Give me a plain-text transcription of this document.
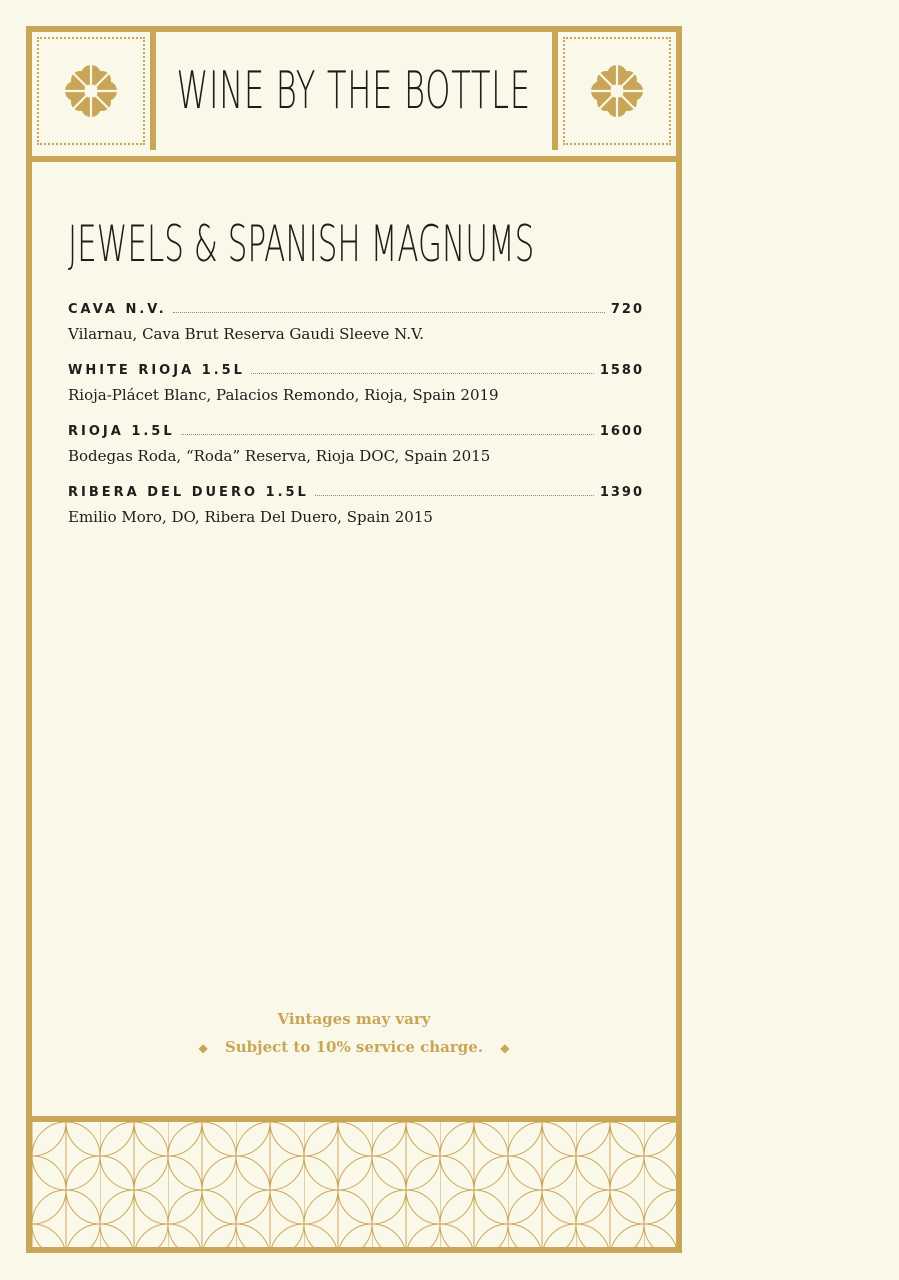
WINE BY THE BOTTLE
JEWELS & SPANISH MAGNUMS
CAVA N.V.	720
Vilarnau, Cava Brut Reserva Gaudi Sleeve N.V.
WHITE RIOJA 1.5L	1580
Rioja-Plácet Blanc, Palacios Remondo, Rioja, Spain 2019
RIOJA 1.5L	1600
Bodegas Roda, “Roda” Reserva, Rioja DOC, Spain 2015
RIBERA DEL DUERO 1.5L	1390
Emilio Moro, DO, Ribera Del Duero, Spain 2015
Vintages may vary
◆ Subject to 10% service charge. ◆
